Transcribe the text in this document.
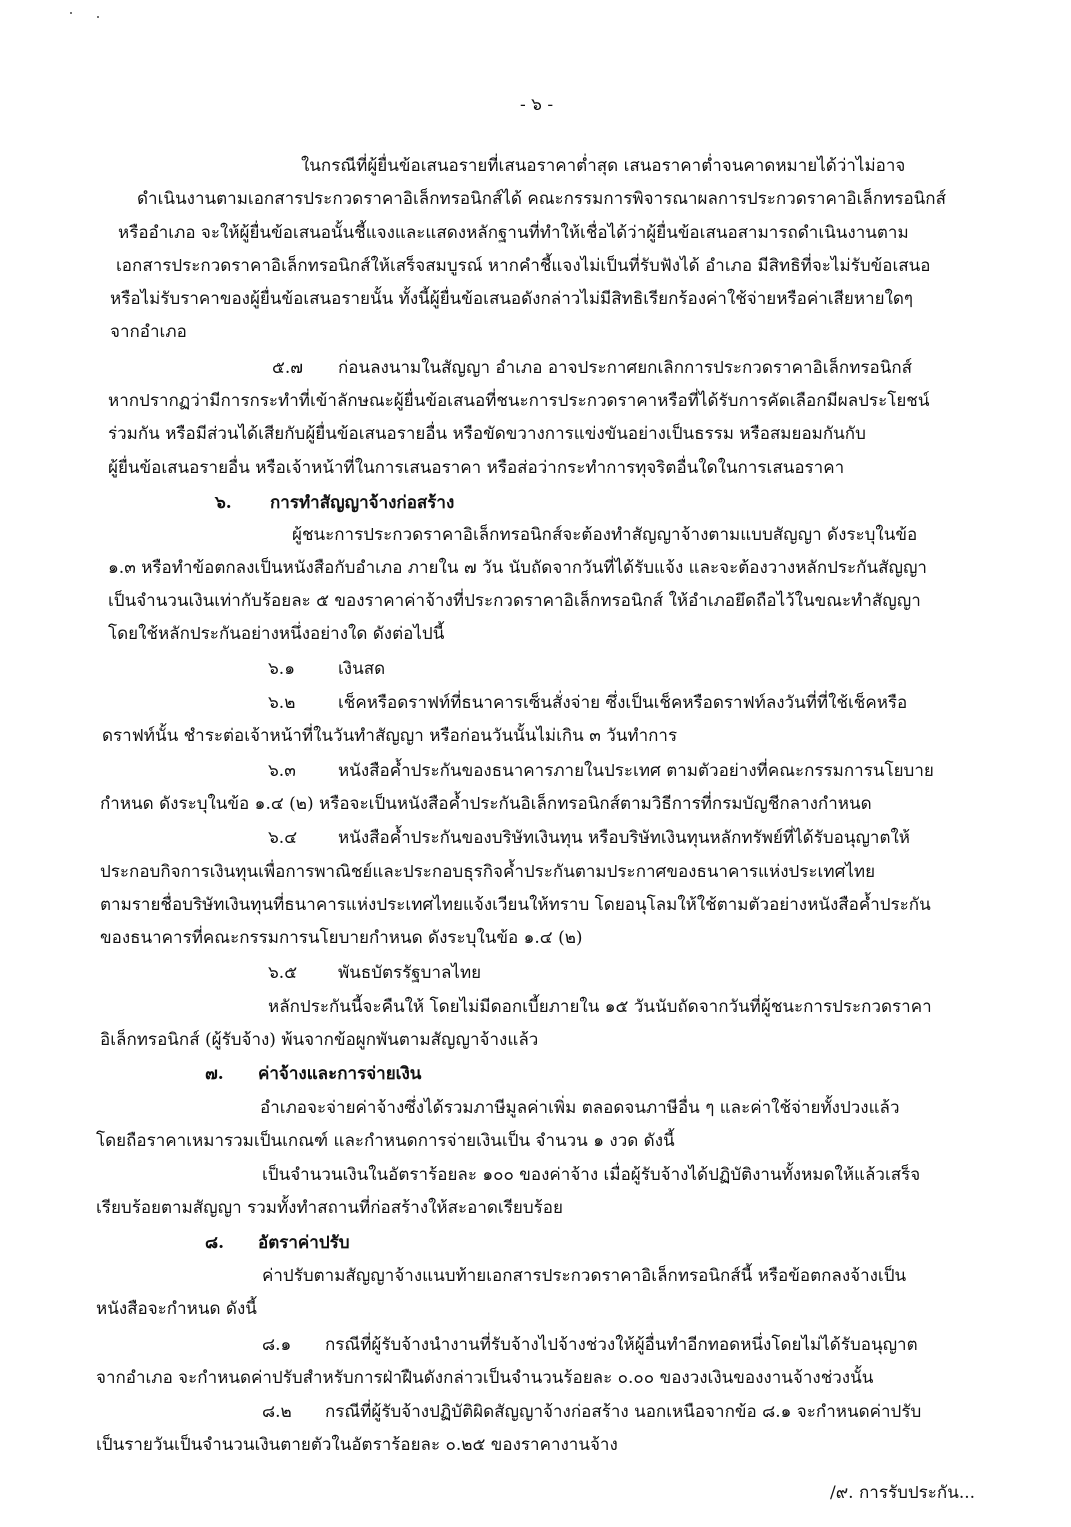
- ๖ -
ในกรณีที่ผู้ยื่นข้อเสนอรายที่เสนอราคาต่ำสุด เสนอราคาต่ำจนคาดหมายได้ว่าไม่อาจ
ดำเนินงานตามเอกสารประกวดราคาอิเล็กทรอนิกส์ได้ คณะกรรมการพิจารณาผลการประกวดราคาอิเล็กทรอนิกส์
หรืออำเภอ จะให้ผู้ยื่นข้อเสนอนั้นชี้แจงและแสดงหลักฐานที่ทำให้เชื่อได้ว่าผู้ยื่นข้อเสนอสามารถดำเนินงานตาม
เอกสารประกวดราคาอิเล็กทรอนิกส์ให้เสร็จสมบูรณ์ หากคำชี้แจงไม่เป็นที่รับฟังได้ อำเภอ มีสิทธิที่จะไม่รับข้อเสนอ
หรือไม่รับราคาของผู้ยื่นข้อเสนอรายนั้น ทั้งนี้ผู้ยื่นข้อเสนอดังกล่าวไม่มีสิทธิเรียกร้องค่าใช้จ่ายหรือค่าเสียหายใดๆ
จากอำเภอ
๕.๗ ก่อนลงนามในสัญญา อำเภอ อาจประกาศยกเลิกการประกวดราคาอิเล็กทรอนิกส์
หากปรากฏว่ามีการกระทำที่เข้าลักษณะผู้ยื่นข้อเสนอที่ชนะการประกวดราคาหรือที่ได้รับการคัดเลือกมีผลประโยชน์
ร่วมกัน หรือมีส่วนได้เสียกับผู้ยื่นข้อเสนอรายอื่น หรือขัดขวางการแข่งขันอย่างเป็นธรรม หรือสมยอมกันกับ
ผู้ยื่นข้อเสนอรายอื่น หรือเจ้าหน้าที่ในการเสนอราคา หรือส่อว่ากระทำการทุจริตอื่นใดในการเสนอราคา
๖. การทำสัญญาจ้างก่อสร้าง
ผู้ชนะการประกวดราคาอิเล็กทรอนิกส์จะต้องทำสัญญาจ้างตามแบบสัญญา ดังระบุในข้อ
๑.๓ หรือทำข้อตกลงเป็นหนังสือกับอำเภอ ภายใน ๗ วัน นับถัดจากวันที่ได้รับแจ้ง และจะต้องวางหลักประกันสัญญา
เป็นจำนวนเงินเท่ากับร้อยละ ๕ ของราคาค่าจ้างที่ประกวดราคาอิเล็กทรอนิกส์ ให้อำเภอยึดถือไว้ในขณะทำสัญญา
โดยใช้หลักประกันอย่างหนึ่งอย่างใด ดังต่อไปนี้
๖.๑	เงินสด
๖.๒	เช็คหรือดราฟท์ที่ธนาคารเซ็นสั่งจ่าย ซึ่งเป็นเช็คหรือดราฟท์ลงวันที่ที่ใช้เช็คหรือ
ดราฟท์นั้น ชำระต่อเจ้าหน้าที่ในวันทำสัญญา หรือก่อนวันนั้นไม่เกิน ๓ วันทำการ
๖.๓ หนังสือค้ำประกันของธนาคารภายในประเทศ ตามตัวอย่างที่คณะกรรมการนโยบาย
กำหนด ดังระบุในข้อ ๑.๔ (๒) หรือจะเป็นหนังสือค้ำประกันอิเล็กทรอนิกส์ตามวิธีการที่กรมบัญชีกลางกำหนด
๖.๔ หนังสือค้ำประกันของบริษัทเงินทุน หรือบริษัทเงินทุนหลักทรัพย์ที่ได้รับอนุญาตให้
ประกอบกิจการเงินทุนเพื่อการพาณิชย์และประกอบธุรกิจค้ำประกันตามประกาศของธนาคารแห่งประเทศไทย
ตามรายชื่อบริษัทเงินทุนที่ธนาคารแห่งประเทศไทยแจ้งเวียนให้ทราบ โดยอนุโลมให้ใช้ตามตัวอย่างหนังสือค้ำประกัน
ของธนาคารที่คณะกรรมการนโยบายกำหนด ดังระบุในข้อ ๑.๔ (๒)
๖.๕ พันธบัตรรัฐบาลไทย
หลักประกันนี้จะคืนให้ โดยไม่มีดอกเบี้ยภายใน ๑๕ วันนับถัดจากวันที่ผู้ชนะการประกวดราคา
อิเล็กทรอนิกส์ (ผู้รับจ้าง) พ้นจากข้อผูกพันตามสัญญาจ้างแล้ว
๗. ค่าจ้างและการจ่ายเงิน
อำเภอจะจ่ายค่าจ้างซึ่งได้รวมภาษีมูลค่าเพิ่ม ตลอดจนภาษีอื่น ๆ และค่าใช้จ่ายทั้งปวงแล้ว
โดยถือราคาเหมารวมเป็นเกณฑ์ และกำหนดการจ่ายเงินเป็น จำนวน ๑ งวด ดังนี้
เป็นจำนวนเงินในอัตราร้อยละ ๑๐๐ ของค่าจ้าง เมื่อผู้รับจ้างได้ปฏิบัติงานทั้งหมดให้แล้วเสร็จ
เรียบร้อยตามสัญญา รวมทั้งทำสถานที่ก่อสร้างให้สะอาดเรียบร้อย
๘. อัตราค่าปรับ
ค่าปรับตามสัญญาจ้างแนบท้ายเอกสารประกวดราคาอิเล็กทรอนิกส์นี้ หรือข้อตกลงจ้างเป็น
หนังสือจะกำหนด ดังนี้
๘.๑ กรณีที่ผู้รับจ้างนำงานที่รับจ้างไปจ้างช่วงให้ผู้อื่นทำอีกทอดหนึ่งโดยไม่ได้รับอนุญาต
จากอำเภอ จะกำหนดค่าปรับสำหรับการฝ่าฝืนดังกล่าวเป็นจำนวนร้อยละ ๐.๐๐ ของวงเงินของงานจ้างช่วงนั้น
๘.๒ กรณีที่ผู้รับจ้างปฏิบัติผิดสัญญาจ้างก่อสร้าง นอกเหนือจากข้อ ๘.๑ จะกำหนดค่าปรับ
เป็นรายวันเป็นจำนวนเงินตายตัวในอัตราร้อยละ ๐.๒๕ ของราคางานจ้าง
/๙. การรับประกัน...
